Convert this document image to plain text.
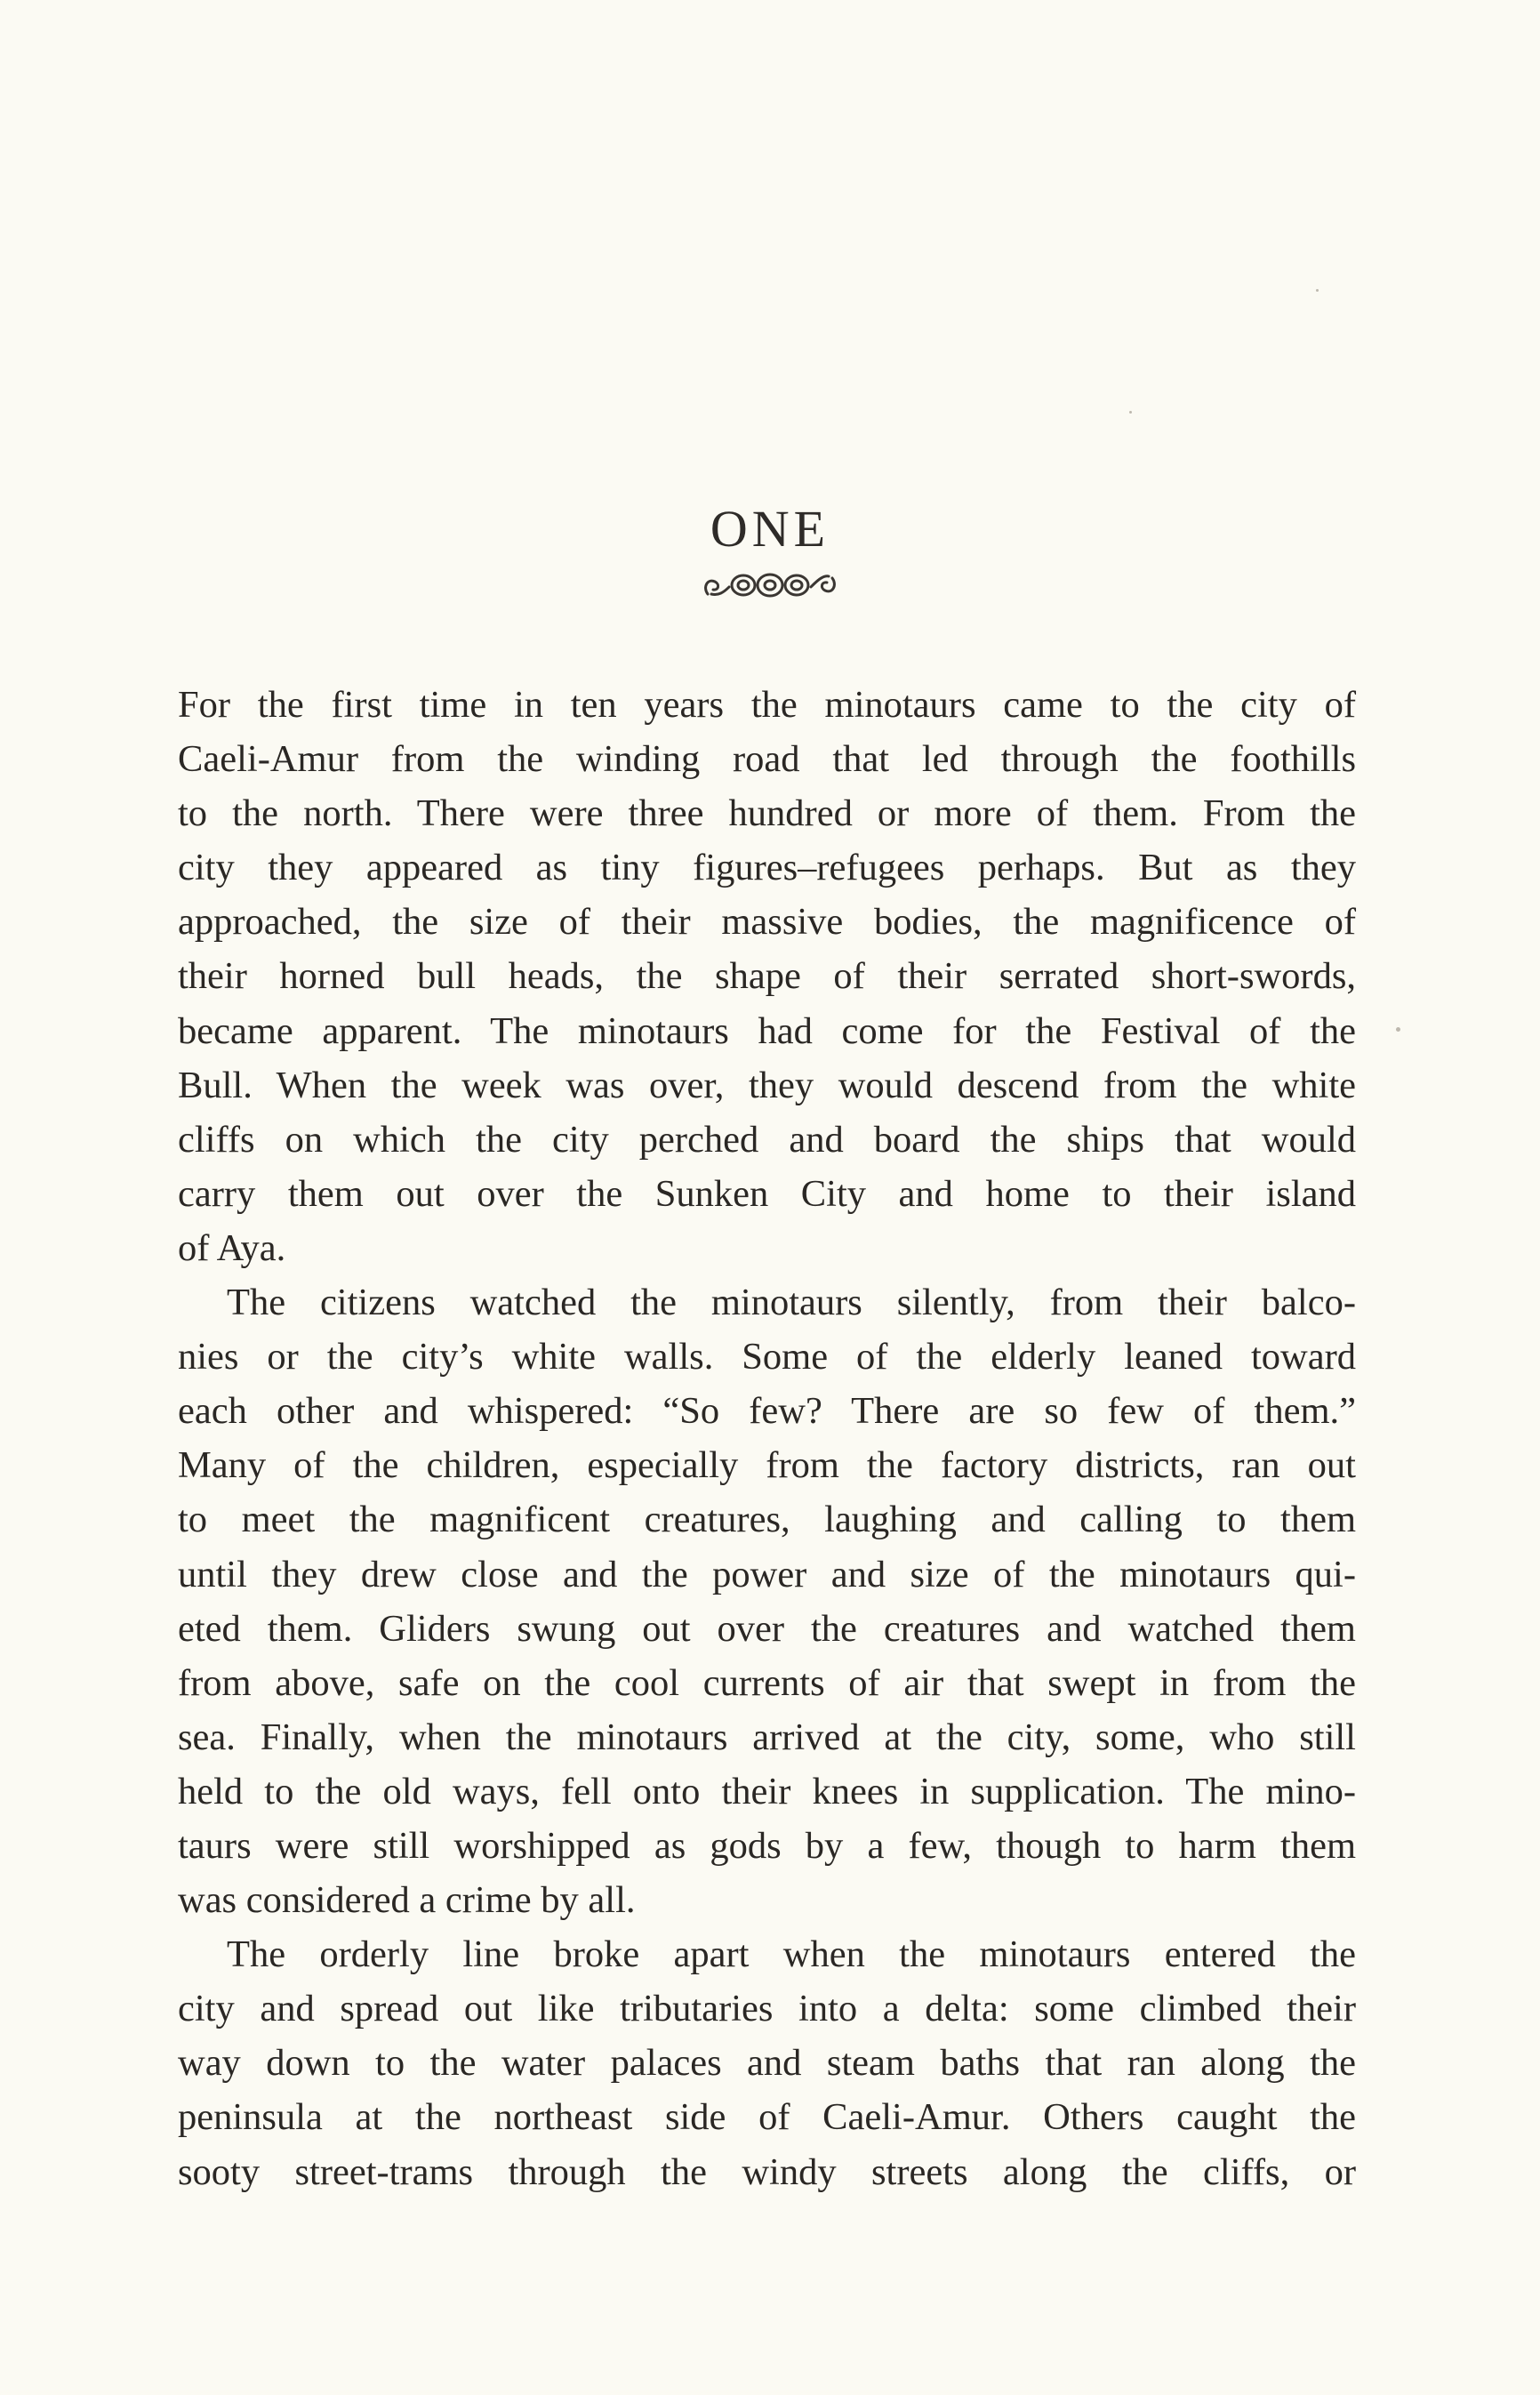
ONE

For the first time in ten years the minotaurs came to the city of
Caeli-Amur from the winding road that led through the foothills
to the north. There were three hundred or more of them. From the
city they appeared as tiny figures–refugees perhaps. But as they
approached, the size of their massive bodies, the magnificence of
their horned bull heads, the shape of their serrated short-swords,
became apparent. The minotaurs had come for the Festival of the
Bull. When the week was over, they would descend from the white
cliffs on which the city perched and board the ships that would
carry them out over the Sunken City and home to their island
of Aya.

The citizens watched the minotaurs silently, from their balco-
nies or the city’s white walls. Some of the elderly leaned toward
each other and whispered: “So few? There are so few of them.”
Many of the children, especially from the factory districts, ran out
to meet the magnificent creatures, laughing and calling to them
until they drew close and the power and size of the minotaurs qui-
eted them. Gliders swung out over the creatures and watched them
from above, safe on the cool currents of air that swept in from the
sea. Finally, when the minotaurs arrived at the city, some, who still
held to the old ways, fell onto their knees in supplication. The mino-
taurs were still worshipped as gods by a few, though to harm them
was considered a crime by all.

The orderly line broke apart when the minotaurs entered the
city and spread out like tributaries into a delta: some climbed their
way down to the water palaces and steam baths that ran along the
peninsula at the northeast side of Caeli-Amur. Others caught the
sooty street-trams through the windy streets along the cliffs, or
